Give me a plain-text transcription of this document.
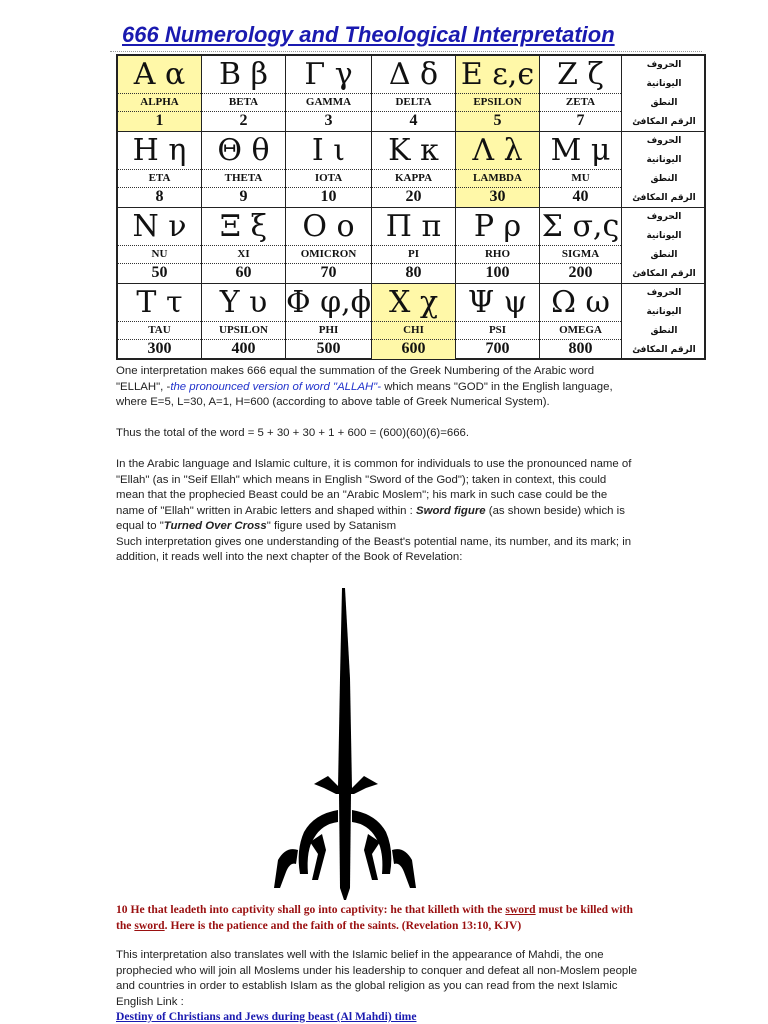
666 Numerology and Theological Interpretation
Α α
ALPHA
1
Β β
BETA
2
Γ γ
GAMMA
3
Δ δ
DELTA
4
Ε ε,ϵ
EPSILON
5
Ζ ζ
ZETA
7
الحروف
اليونانية
النطق
الرقم المكافئ
Η η
ETA
8
Θ θ
THETA
9
Ι ι
IOTA
10
Κ κ
KAPPA
20
Λ λ
LAMBDA
30
Μ μ
MU
40
الحروف
اليونانية
النطق
الرقم المكافئ
Ν ν
NU
50
Ξ ξ
XI
60
Ο ο
OMICRON
70
Π π
PI
80
Ρ ρ
RHO
100
Σ σ,ς
SIGMA
200
الحروف
اليونانية
النطق
الرقم المكافئ
Τ τ
TAU
300
Υ υ
UPSILON
400
Φ φ,ϕ
PHI
500
Χ χ
CHI
600
Ψ ψ
PSI
700
Ω ω
OMEGA
800
الحروف
اليونانية
النطق
الرقم المكافئ

One interpretation makes 666 equal the summation of the Greek Numbering of the Arabic word "ELLAH", -the pronounced version of word "ALLAH"- which means "GOD" in the English language,

where E=5, L=30, A=1, H=600 (according to above table of Greek Numerical System).

Thus the total of the word = 5 + 30 + 30 + 1 + 600 = (600)(60)(6)=666.

In the Arabic language and Islamic culture, it is common for individuals to use the pronounced name of "Ellah" (as in "Seif Ellah" which means in English "Sword of the God"); taken in context, this could mean that the prophecied Beast could be an "Arabic Moslem"; his mark in such case could be the name of "Ellah" written in Arabic letters and shaped within : Sword figure (as shown beside) which is equal to "Turned Over Cross" figure used by Satanism

Such interpretation gives one understanding of the Beast's potential name, its number, and its mark; in addition, it reads well into the next chapter of the Book of Revelation:

10 He that leadeth into captivity shall go into captivity: he that killeth with the sword must be killed with the sword. Here is the patience and the faith of the saints. (Revelation 13:10, KJV)
This interpretation also translates well with the Islamic belief in the appearance of Mahdi, the one prophecied who will join all Moslems under his leadership to conquer and defeat all non-Moslem people and countries in order to establish Islam as the global religion as you can read from the next Islamic English Link :
Destiny of Christians and Jews during beast (Al Mahdi) time
